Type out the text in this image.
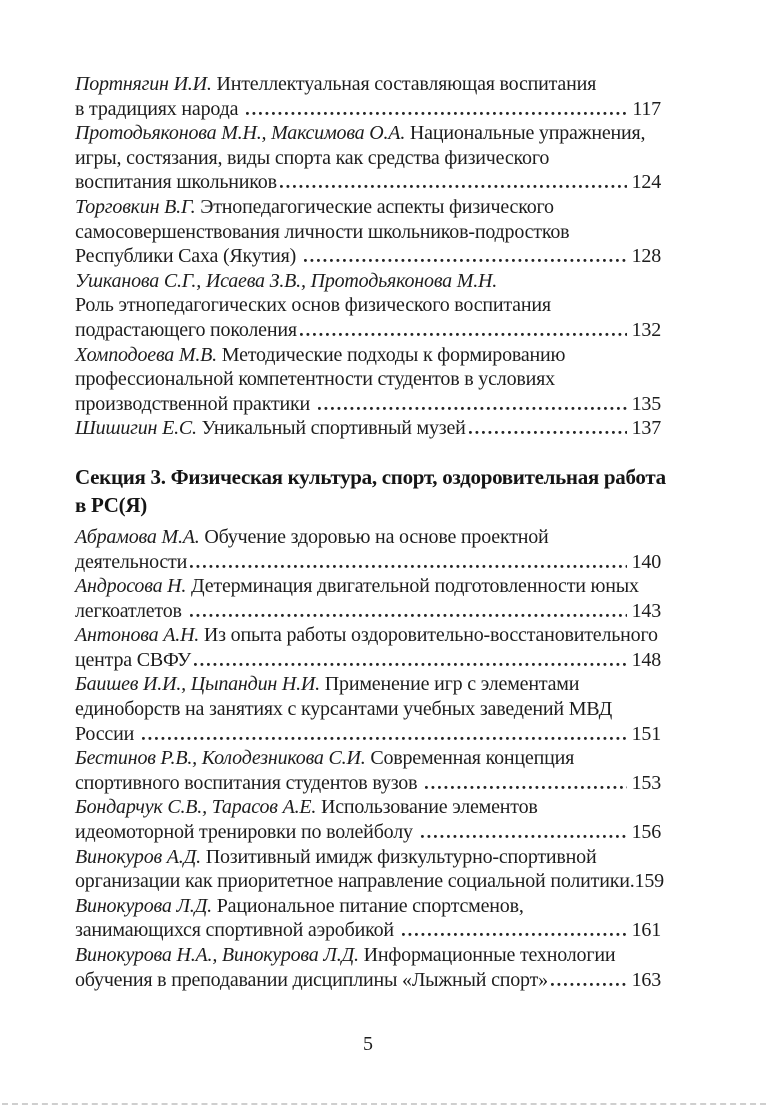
Портнягин И.И. Интеллектуальная составляющая воспитания
в традициях народа	117
Протодьяконова М.Н., Максимова О.А. Национальные упражнения,
игры, состязания, виды спорта как средства физического
воспитания школьников	124
Торговкин В.Г. Этнопедагогические аспекты физического
самосовершенствования личности школьников-подростков
Республики Саха (Якутия)	128
Ушканова С.Г., Исаева З.В., Протодьяконова М.Н.
Роль этнопедагогических основ физического воспитания
подрастающего поколения	132
Хомподоева М.В. Методические подходы к формированию
профессиональной компетентности студентов в условиях
производственной практики	135
Шишигин Е.С. Уникальный спортивный музей	137
Секция 3. Физическая культура, спорт, оздоровительная работа
в РС(Я)
Абрамова М.А. Обучение здоровью на основе проектной
деятельности	140
Андросова Н. Детерминация двигательной подготовленности юных
легкоатлетов	143
Антонова А.Н. Из опыта работы оздоровительно-восстановительного
центра СВФУ	148
Баишев И.И., Цыпандин Н.И. Применение игр с элементами
единоборств на занятиях с курсантами учебных заведений МВД
России	151
Бестинов Р.В., Колодезникова С.И. Современная концепция
спортивного воспитания студентов вузов	153
Бондарчук С.В., Тарасов А.Е. Использование элементов
идеомоторной тренировки по волейболу	156
Винокуров А.Д. Позитивный имидж физкультурно-спортивной
организации как приоритетное направление социальной политики .159
Винокурова Л.Д. Рациональное питание спортсменов,
занимающихся спортивной аэробикой	161
Винокурова Н.А., Винокурова Л.Д. Информационные технологии
обучения в преподавании дисциплины «Лыжный спорт»	163
5
